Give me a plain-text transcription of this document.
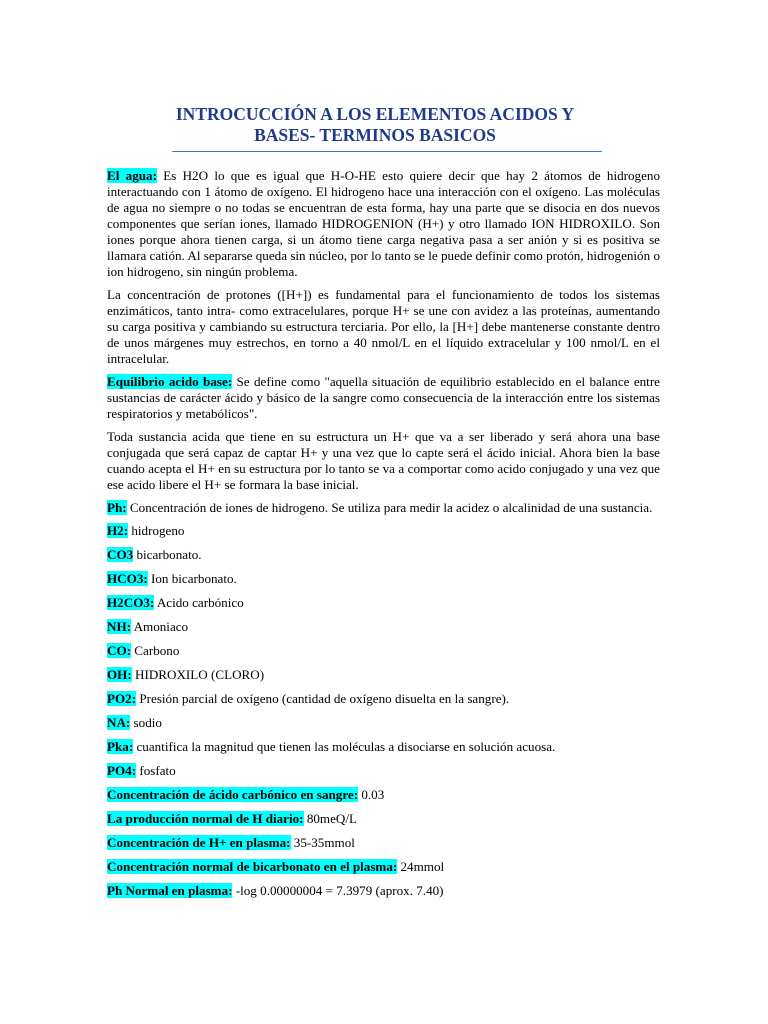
INTROCUCCIÓN A LOS ELEMENTOS ACIDOS Y
BASES- TERMINOS BASICOS

El agua: Es H2O lo que es igual que H-O-HE esto quiere decir que hay 2 átomos de hidrogeno interactuando con 1 átomo de oxígeno. El hidrogeno hace una interacción con el oxígeno. Las moléculas de agua no siempre o no todas se encuentran de esta forma, hay una parte que se disocia en dos nuevos componentes que serían iones, llamado HIDROGENION (H+) y otro llamado ION HIDROXILO. Son iones porque ahora tienen carga, si un átomo tiene carga negativa pasa a ser anión y si es positiva se llamara catión. Al separarse queda sin núcleo, por lo tanto se le puede definir como protón, hidrogenión o ion hidrogeno, sin ningún problema.

La concentración de protones ([H+]) es fundamental para el funcionamiento de todos los sistemas enzimáticos, tanto intra- como extracelulares, porque H+ se une con avidez a las proteínas, aumentando su carga positiva y cambiando su estructura terciaria. Por ello, la [H+] debe mantenerse constante dentro de unos márgenes muy estrechos, en torno a 40 nmol/L en el líquido extracelular y 100 nmol/L en el intracelular.

Equilibrio acido base: Se define como "aquella situación de equilibrio establecido en el balance entre sustancias de carácter ácido y básico de la sangre como consecuencia de la interacción entre los sistemas respiratorios y metabólicos".

Toda sustancia acida que tiene en su estructura un H+ que va a ser liberado y será ahora una base conjugada que será capaz de captar H+ y una vez que lo capte será el ácido inicial. Ahora bien la base cuando acepta el H+ en su estructura por lo tanto se va a comportar como acido conjugado y una vez que ese acido libere el H+ se formara la base inicial.

Ph: Concentración de iones de hidrogeno. Se utiliza para medir la acidez o alcalinidad de una sustancia.

H2: hidrogeno

CO3 bicarbonato.

HCO3: Ion bicarbonato.

H2CO3: Acido carbónico

NH: Amoniaco

CO: Carbono

OH: HIDROXILO (CLORO)

PO2: Presión parcial de oxígeno (cantidad de oxígeno disuelta en la sangre).

NA: sodio

Pka: cuantifica la magnitud que tienen las moléculas a disociarse en solución acuosa.

PO4: fosfato

Concentración de ácido carbónico en sangre: 0.03

La producción normal de H diario: 80meQ/L

Concentración de H+ en plasma: 35-35mmol

Concentración normal de bicarbonato en el plasma: 24mmol

Ph Normal en plasma: -log 0.00000004 = 7.3979 (aprox. 7.40)
